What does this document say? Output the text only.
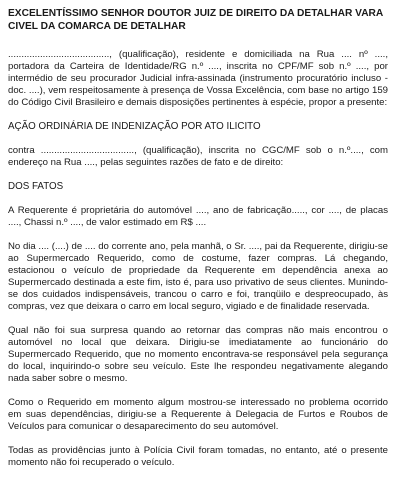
EXCELENTÍSSIMO SENHOR DOUTOR JUIZ DE DIREITO DA DETALHAR VARA CIVEL DA COMARCA DE DETALHAR

......................................, (qualificação), residente e domiciliada na Rua .... nº ...., portadora da Carteira de Identidade/RG n.º ...., inscrita no CPF/MF sob n.º ...., por intermédio de seu procurador Judicial infra-assinada (instrumento procuratório incluso - doc. ....), vem respeitosamente à presença de Vossa Excelência, com base no artigo 159 do Código Civil Brasileiro e demais disposições pertinentes à espécie, propor a presente:

AÇÃO ORDINÁRIA DE INDENIZAÇÃO POR ATO ILICITO

contra ..................................., (qualificação), inscrita no CGC/MF sob o n.º...., com endereço na Rua ...., pelas seguintes razões de fato e de direito:

DOS FATOS

A Requerente é proprietária do automóvel ...., ano de fabricação....., cor ...., de placas ...., Chassi n.º ...., de valor estimado em R$ ....

No dia .... (....) de .... do corrente ano, pela manhã, o Sr. ...., pai da Requerente, dirigiu-se ao Supermercado Requerido, como de costume, fazer compras. Lá chegando, estacionou o veículo de propriedade da Requerente em dependência anexa ao Supermercado destinada a este fim, isto é, para uso privativo de seus clientes. Munindo-se dos cuidados indispensáveis, trancou o carro e foi, tranqüilo e despreocupado, às compras, vez que deixara o carro em local seguro, vigiado e de finalidade reservada.

Qual não foi sua surpresa quando ao retornar das compras não mais encontrou o automóvel no local que deixara. Dirigiu-se imediatamente ao funcionário do Supermercado Requerido, que no momento encontrava-se responsável pela segurança do local, inquirindo-o sobre seu veículo. Este lhe respondeu negativamente alegando nada saber sobre o mesmo.

Como o Requerido em momento algum mostrou-se interessado no problema ocorrido em suas dependências, dirigiu-se a Requerente à Delegacia de Furtos e Roubos de Veículos para comunicar o desaparecimento do seu automóvel.

Todas as providências junto à Polícia Civil foram tomadas, no entanto, até o presente momento não foi recuperado o veículo.
